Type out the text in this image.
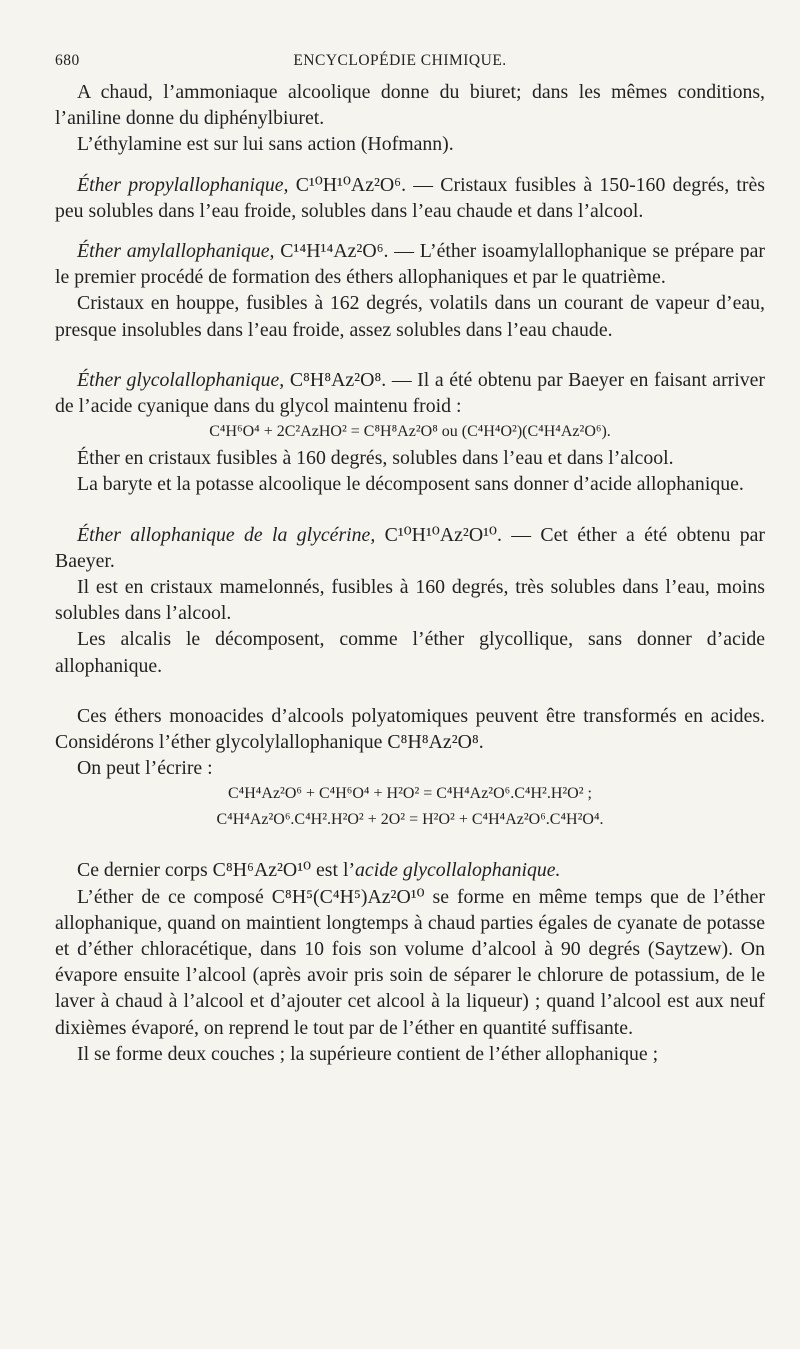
680	ENCYCLOPÉDIE CHIMIQUE.

A chaud, l’ammoniaque alcoolique donne du biuret; dans les mêmes conditions, l’aniline donne du diphénylbiuret.

L’éthylamine est sur lui sans action (Hofmann).

Éther propylallophanique, C¹⁰H¹⁰Az²O⁶. — Cristaux fusibles à 150-160 degrés, très peu solubles dans l’eau froide, solubles dans l’eau chaude et dans l’alcool.

Éther amylallophanique, C¹⁴H¹⁴Az²O⁶. — L’éther isoamylallophanique se prépare par le premier procédé de formation des éthers allophaniques et par le quatrième.

Cristaux en houppe, fusibles à 162 degrés, volatils dans un courant de vapeur d’eau, presque insolubles dans l’eau froide, assez solubles dans l’eau chaude.

Éther glycolallophanique, C⁸H⁸Az²O⁸. — Il a été obtenu par Baeyer en faisant arriver de l’acide cyanique dans du glycol maintenu froid :

C⁴H⁶O⁴ + 2C²AzHO² = C⁸H⁸Az²O⁸ ou (C⁴H⁴O²)(C⁴H⁴Az²O⁶).

Éther en cristaux fusibles à 160 degrés, solubles dans l’eau et dans l’alcool.

La baryte et la potasse alcoolique le décomposent sans donner d’acide allophanique.

Éther allophanique de la glycérine, C¹⁰H¹⁰Az²O¹⁰. — Cet éther a été obtenu par Baeyer.

Il est en cristaux mamelonnés, fusibles à 160 degrés, très solubles dans l’eau, moins solubles dans l’alcool.

Les alcalis le décomposent, comme l’éther glycollique, sans donner d’acide allophanique.

Ces éthers monoacides d’alcools polyatomiques peuvent être transformés en acides. Considérons l’éther glycolylallophanique C⁸H⁸Az²O⁸.

On peut l’écrire :

C⁴H⁴Az²O⁶ + C⁴H⁶O⁴ + H²O² = C⁴H⁴Az²O⁶.C⁴H².H²O² ;
C⁴H⁴Az²O⁶.C⁴H².H²O² + 2O² = H²O² + C⁴H⁴Az²O⁶.C⁴H²O⁴.

Ce dernier corps C⁸H⁶Az²O¹⁰ est l’acide glycollalophanique.

L’éther de ce composé C⁸H⁵(C⁴H⁵)Az²O¹⁰ se forme en même temps que de l’éther allophanique, quand on maintient longtemps à chaud parties égales de cyanate de potasse et d’éther chloracétique, dans 10 fois son volume d’alcool à 90 degrés (Saytzew). On évapore ensuite l’alcool (après avoir pris soin de séparer le chlorure de potassium, de le laver à chaud à l’alcool et d’ajouter cet alcool à la liqueur) ; quand l’alcool est aux neuf dixièmes évaporé, on reprend le tout par de l’éther en quantité suffisante.

Il se forme deux couches ; la supérieure contient de l’éther allophanique ;
